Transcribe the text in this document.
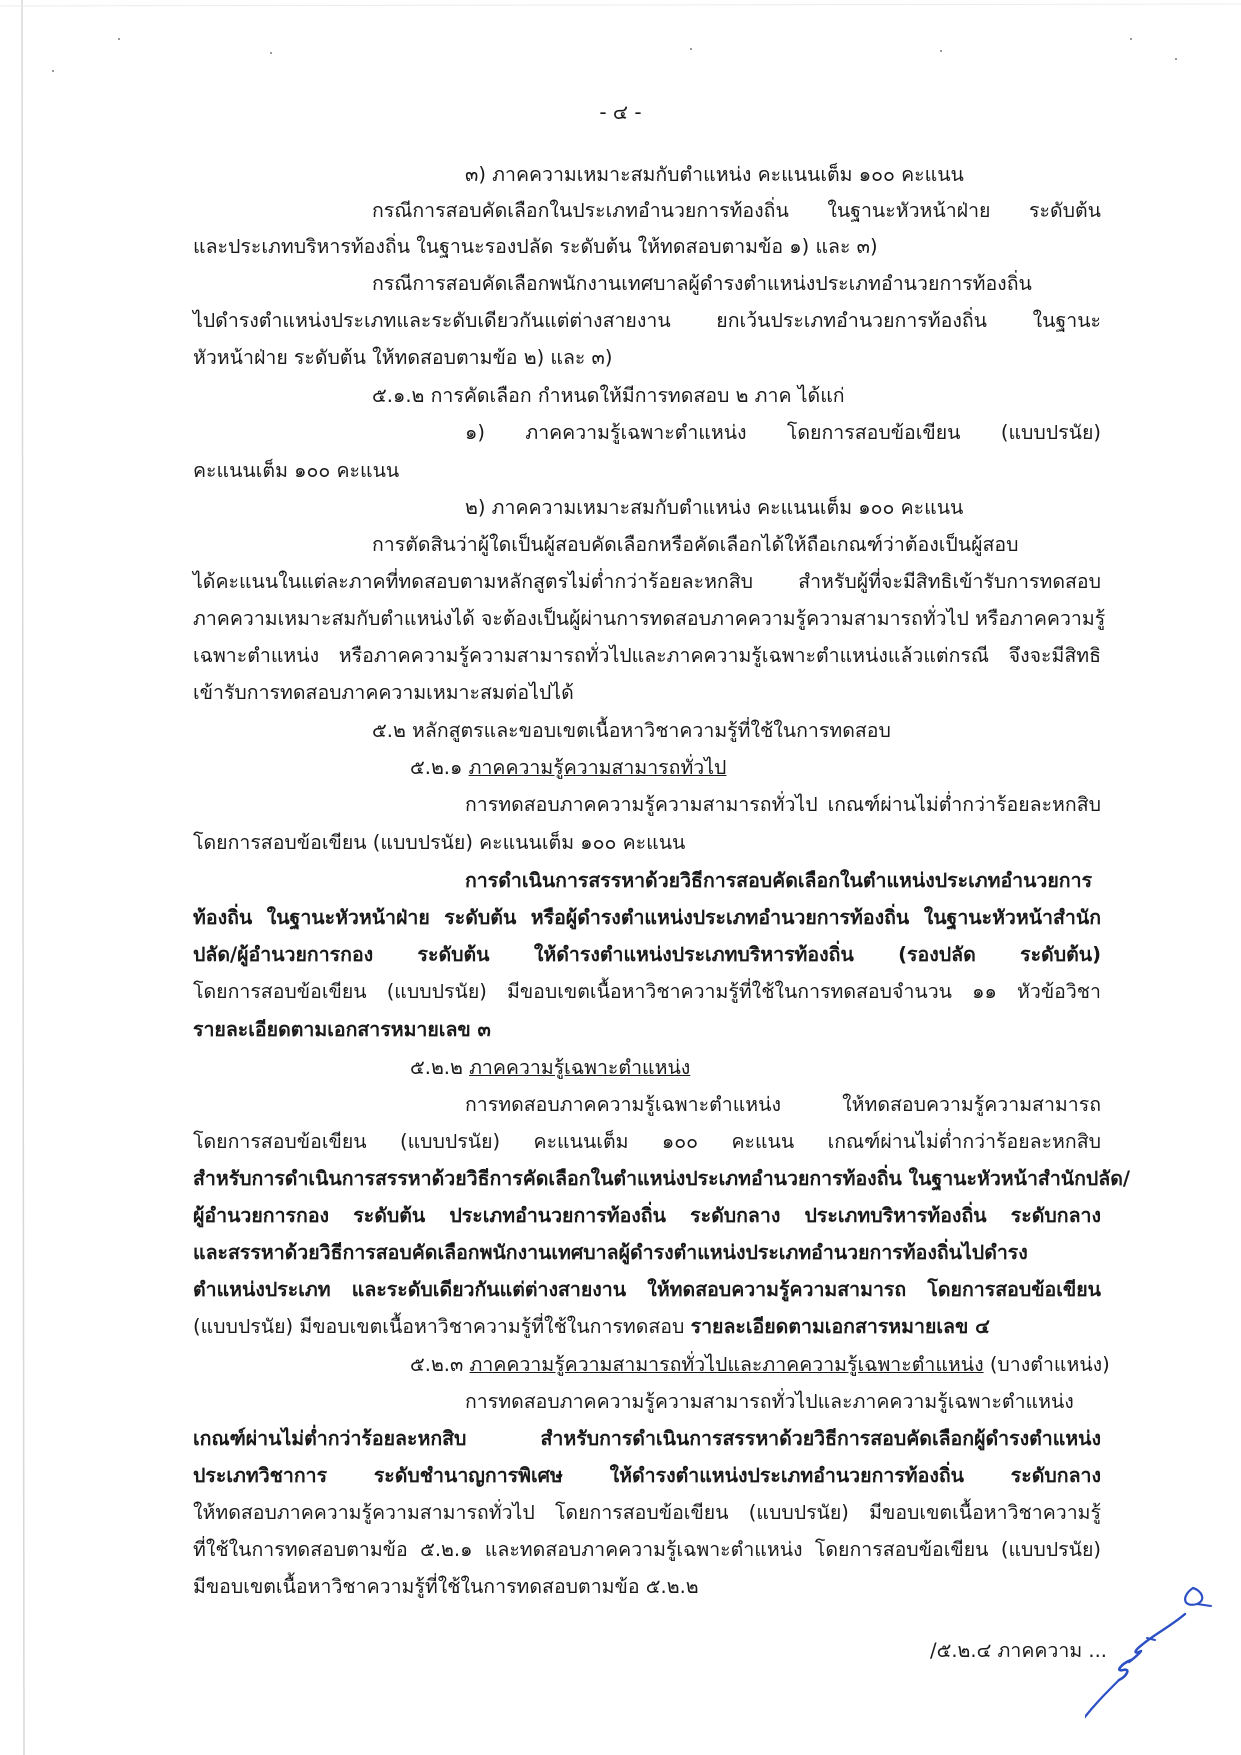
- ๔ -

๓) ภาคความเหมาะสมกับตำแหน่ง คะแนนเต็ม ๑๐๐ คะแนน

กรณีการสอบคัดเลือกในประเภทอำนวยการท้องถิ่น ในฐานะหัวหน้าฝ่าย ระดับต้น

และประเภทบริหารท้องถิ่น ในฐานะรองปลัด ระดับต้น ให้ทดสอบตามข้อ ๑) และ ๓)

กรณีการสอบคัดเลือกพนักงานเทศบาลผู้ดำรงตำแหน่งประเภทอำนวยการท้องถิ่น

ไปดำรงตำแหน่งประเภทและระดับเดียวกันแต่ต่างสายงาน ยกเว้นประเภทอำนวยการท้องถิ่น ในฐานะ

หัวหน้าฝ่าย ระดับต้น ให้ทดสอบตามข้อ ๒) และ ๓)

๕.๑.๒ การคัดเลือก กำหนดให้มีการทดสอบ ๒ ภาค ได้แก่

๑) ภาคความรู้เฉพาะตำแหน่ง โดยการสอบข้อเขียน (แบบปรนัย)

คะแนนเต็ม ๑๐๐ คะแนน

๒) ภาคความเหมาะสมกับตำแหน่ง คะแนนเต็ม ๑๐๐ คะแนน

การตัดสินว่าผู้ใดเป็นผู้สอบคัดเลือกหรือคัดเลือกได้ให้ถือเกณฑ์ว่าต้องเป็นผู้สอบ

ได้คะแนนในแต่ละภาคที่ทดสอบตามหลักสูตรไม่ต่ำกว่าร้อยละหกสิบ สำหรับผู้ที่จะมีสิทธิเข้ารับการทดสอบ

ภาคความเหมาะสมกับตำแหน่งได้ จะต้องเป็นผู้ผ่านการทดสอบภาคความรู้ความสามารถทั่วไป หรือภาคความรู้

เฉพาะตำแหน่ง หรือภาคความรู้ความสามารถทั่วไปและภาคความรู้เฉพาะตำแหน่งแล้วแต่กรณี จึงจะมีสิทธิ

เข้ารับการทดสอบภาคความเหมาะสมต่อไปได้

๕.๒ หลักสูตรและขอบเขตเนื้อหาวิชาความรู้ที่ใช้ในการทดสอบ

๕.๒.๑ ภาคความรู้ความสามารถทั่วไป

การทดสอบภาคความรู้ความสามารถทั่วไป เกณฑ์ผ่านไม่ต่ำกว่าร้อยละหกสิบ

โดยการสอบข้อเขียน (แบบปรนัย) คะแนนเต็ม ๑๐๐ คะแนน

การดำเนินการสรรหาด้วยวิธีการสอบคัดเลือกในตำแหน่งประเภทอำนวยการ

ท้องถิ่น ในฐานะหัวหน้าฝ่าย ระดับต้น หรือผู้ดำรงตำแหน่งประเภทอำนวยการท้องถิ่น ในฐานะหัวหน้าสำนัก

ปลัด/ผู้อำนวยการกอง ระดับต้น ให้ดำรงตำแหน่งประเภทบริหารท้องถิ่น (รองปลัด ระดับต้น)

โดยการสอบข้อเขียน (แบบปรนัย) มีขอบเขตเนื้อหาวิชาความรู้ที่ใช้ในการทดสอบจำนวน ๑๑ หัวข้อวิชา

รายละเอียดตามเอกสารหมายเลข ๓

๕.๒.๒ ภาคความรู้เฉพาะตำแหน่ง

การทดสอบภาคความรู้เฉพาะตำแหน่ง ให้ทดสอบความรู้ความสามารถ

โดยการสอบข้อเขียน (แบบปรนัย) คะแนนเต็ม ๑๐๐ คะแนน เกณฑ์ผ่านไม่ต่ำกว่าร้อยละหกสิบ

สำหรับการดำเนินการสรรหาด้วยวิธีการคัดเลือกในตำแหน่งประเภทอำนวยการท้องถิ่น ในฐานะหัวหน้าสำนักปลัด/

ผู้อำนวยการกอง ระดับต้น ประเภทอำนวยการท้องถิ่น ระดับกลาง ประเภทบริหารท้องถิ่น ระดับกลาง

และสรรหาด้วยวิธีการสอบคัดเลือกพนักงานเทศบาลผู้ดำรงตำแหน่งประเภทอำนวยการท้องถิ่นไปดำรง

ตำแหน่งประเภท และระดับเดียวกันแต่ต่างสายงาน ให้ทดสอบความรู้ความสามารถ โดยการสอบข้อเขียน

(แบบปรนัย) มีขอบเขตเนื้อหาวิชาความรู้ที่ใช้ในการทดสอบ รายละเอียดตามเอกสารหมายเลข ๔

๕.๒.๓ ภาคความรู้ความสามารถทั่วไปและภาคความรู้เฉพาะตำแหน่ง (บางตำแหน่ง)

การทดสอบภาคความรู้ความสามารถทั่วไปและภาคความรู้เฉพาะตำแหน่ง

เกณฑ์ผ่านไม่ต่ำกว่าร้อยละหกสิบ สำหรับการดำเนินการสรรหาด้วยวิธีการสอบคัดเลือกผู้ดำรงตำแหน่ง

ประเภทวิชาการ ระดับชำนาญการพิเศษ ให้ดำรงตำแหน่งประเภทอำนวยการท้องถิ่น ระดับกลาง

ให้ทดสอบภาคความรู้ความสามารถทั่วไป โดยการสอบข้อเขียน (แบบปรนัย) มีขอบเขตเนื้อหาวิชาความรู้

ที่ใช้ในการทดสอบตามข้อ ๕.๒.๑ และทดสอบภาคความรู้เฉพาะตำแหน่ง โดยการสอบข้อเขียน (แบบปรนัย)

มีขอบเขตเนื้อหาวิชาความรู้ที่ใช้ในการทดสอบตามข้อ ๕.๒.๒

/๕.๒.๔ ภาคความ ...
